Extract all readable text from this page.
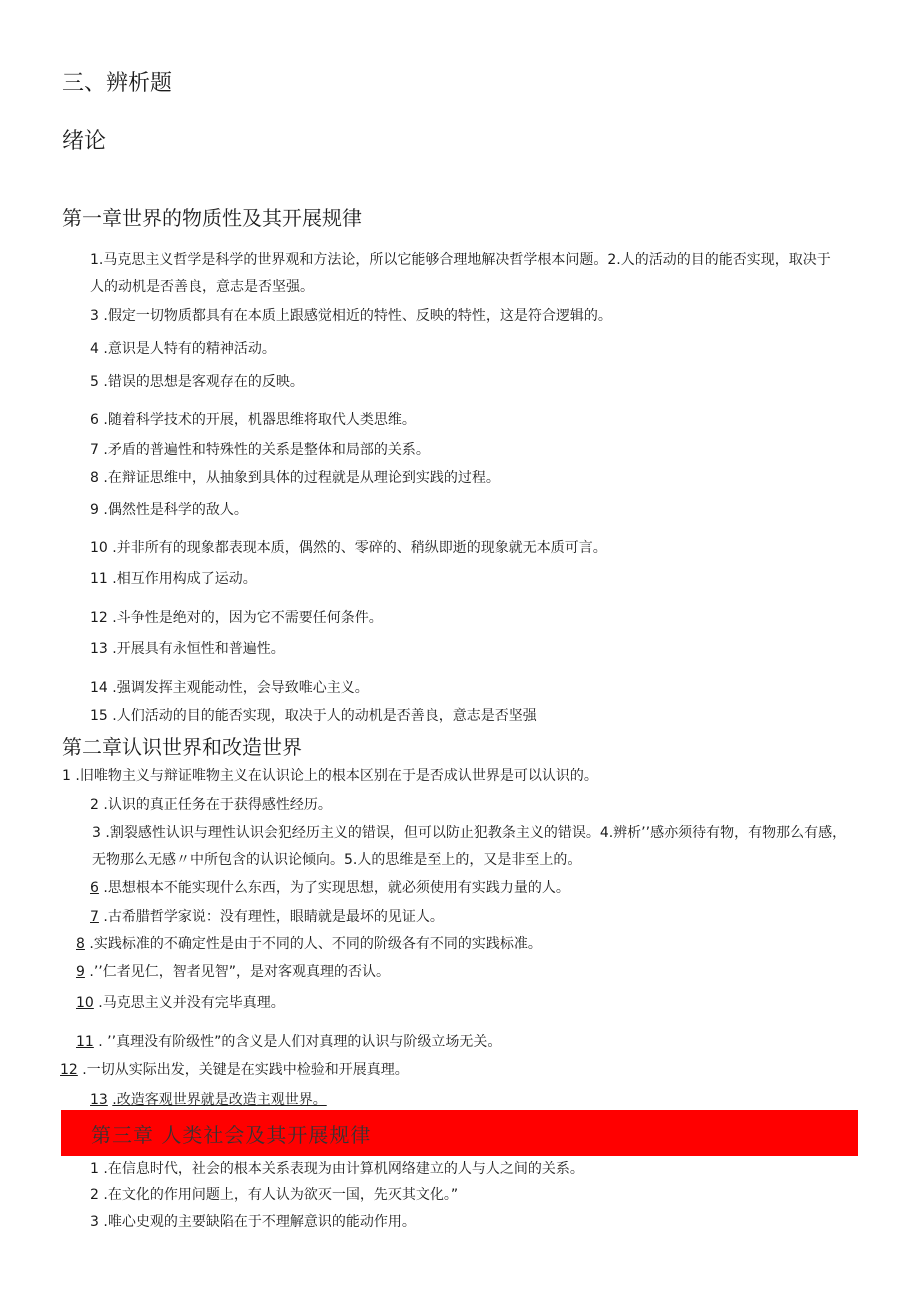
三、辨析题
绪论
第一章世界的物质性及其开展规律
1.马克思主义哲学是科学的世界观和方法论，所以它能够合理地解决哲学根本问题。2.人的活动的目的能否实现，取决于人的动机是否善良，意志是否坚强。
3 .假定一切物质都具有在本质上跟感觉相近的特性、反映的特性，这是符合逻辑的。
4 .意识是人特有的精神活动。
5 .错误的思想是客观存在的反映。
6 .随着科学技术的开展，机器思维将取代人类思维。
7 .矛盾的普遍性和特殊性的关系是整体和局部的关系。
8 .在辩证思维中，从抽象到具体的过程就是从理论到实践的过程。
9 .偶然性是科学的敌人。
10 .并非所有的现象都表现本质，偶然的、零碎的、稍纵即逝的现象就无本质可言。
11 .相互作用构成了运动。
12 .斗争性是绝对的，因为它不需要任何条件。
13 .开展具有永恒性和普遍性。
14 .强调发挥主观能动性，会导致唯心主义。
15 .人们活动的目的能否实现，取决于人的动机是否善良，意志是否坚强
第二章认识世界和改造世界
1 .旧唯物主义与辩证唯物主义在认识论上的根本区别在于是否成认世界是可以认识的。
2 .认识的真正任务在于获得感性经历。
3 .割裂感性认识与理性认识会犯经历主义的错误，但可以防止犯教条主义的错误。4.辨析’’感亦须待有物，有物那么有感，无物那么无感〃中所包含的认识论倾向。5.人的思维是至上的，又是非至上的。
6 .思想根本不能实现什么东西，为了实现思想，就必须使用有实践力量的人。
7 .古希腊哲学家说：没有理性，眼睛就是最坏的见证人。
8 .实践标准的不确定性是由于不同的人、不同的阶级各有不同的实践标准。
9 .’’仁者见仁，智者见智”，是对客观真理的否认。
10 .马克思主义并没有完毕真理。
11 . ’’真理没有阶级性”的含义是人们对真理的认识与阶级立场无关。
12 .一切从实际出发，关键是在实践中检验和开展真理。
13 .改造客观世界就是改造主观世界。
第三章 人类社会及其开展规律
1 .在信息时代，社会的根本关系表现为由计算机网络建立的人与人之间的关系。
2 .在文化的作用问题上，有人认为欲灭一国，先灭其文化。”
3 .唯心史观的主要缺陷在于不理解意识的能动作用。
